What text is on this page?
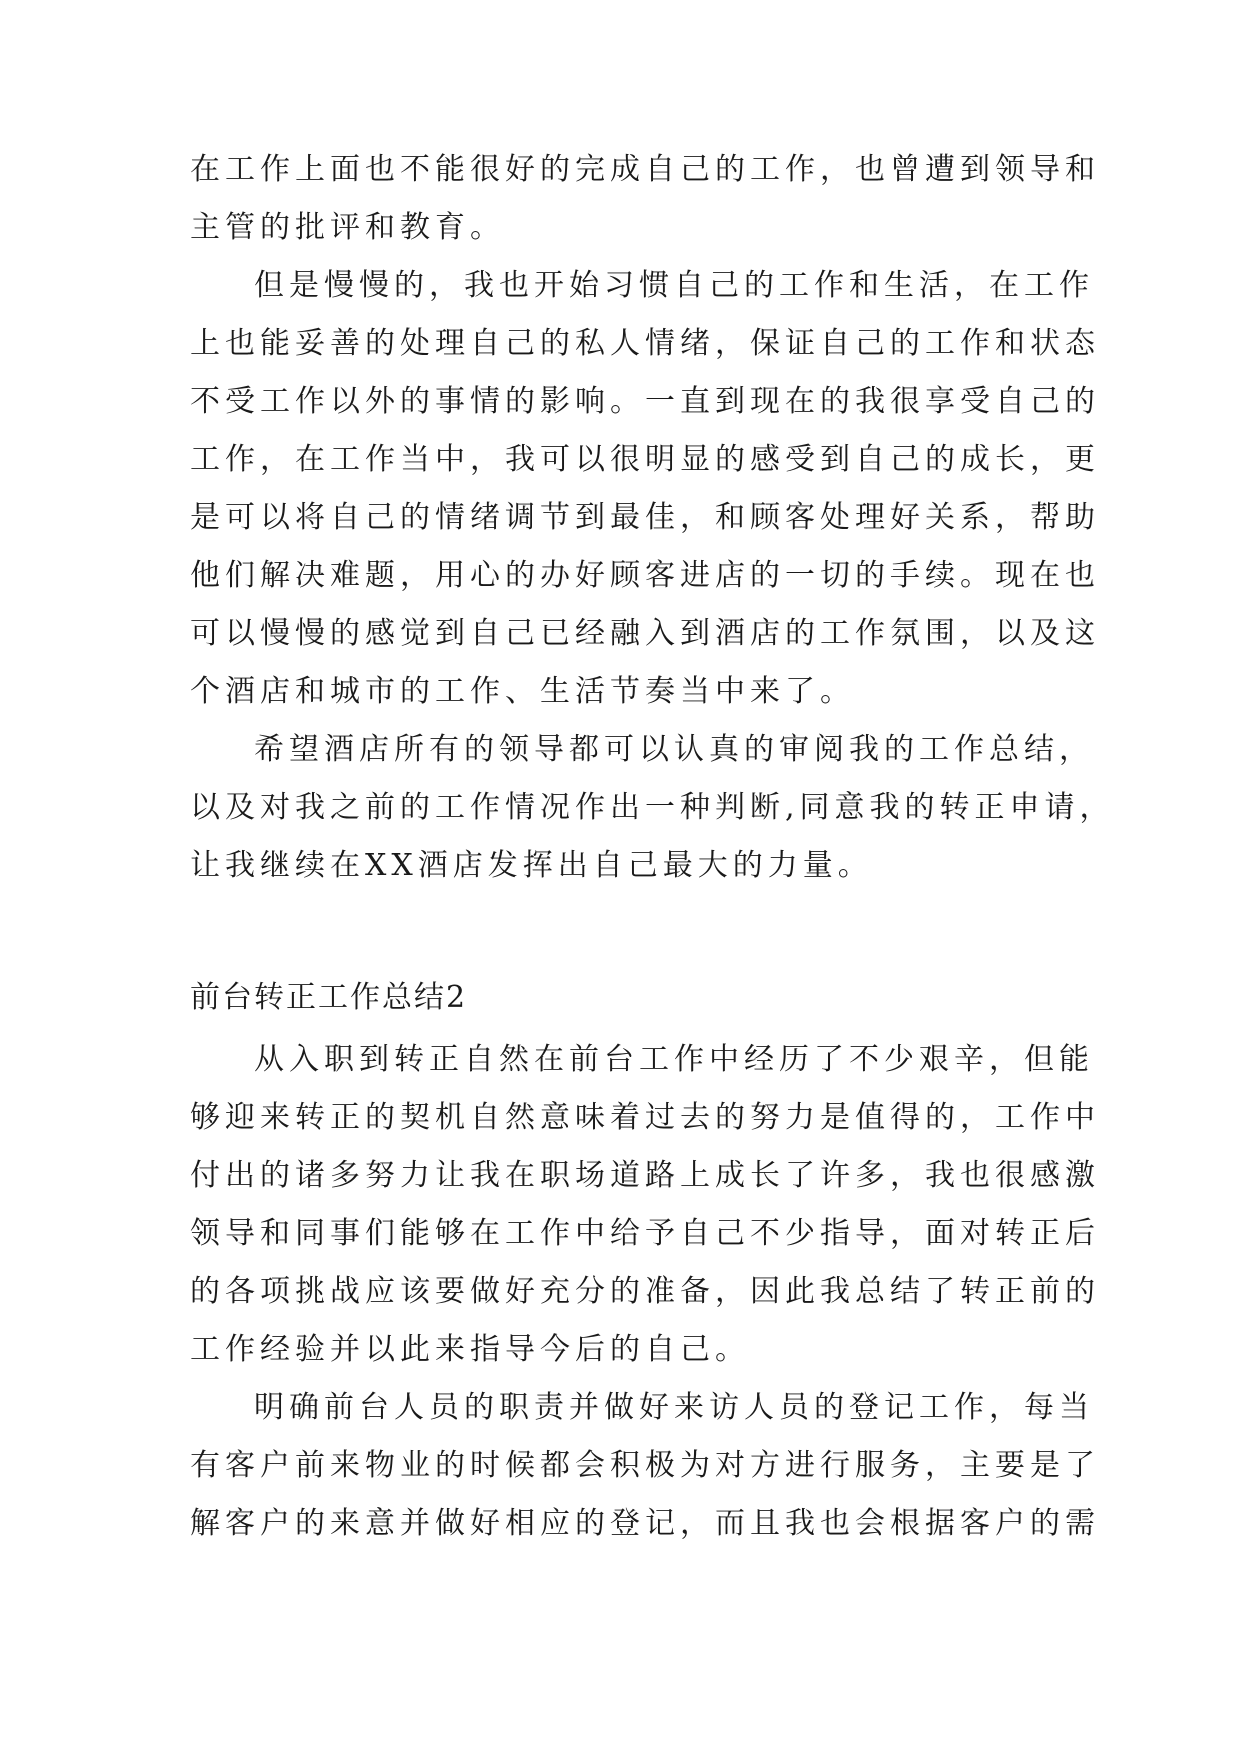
在工作上面也不能很好的完成自己的工作，也曾遭到领导和
主管的批评和教育。
但是慢慢的，我也开始习惯自己的工作和生活，在工作
上也能妥善的处理自己的私人情绪，保证自己的工作和状态
不受工作以外的事情的影响。一直到现在的我很享受自己的
工作，在工作当中，我可以很明显的感受到自己的成长，更
是可以将自己的情绪调节到最佳，和顾客处理好关系，帮助
他们解决难题，用心的办好顾客进店的一切的手续。现在也
可以慢慢的感觉到自己已经融入到酒店的工作氛围，以及这
个酒店和城市的工作、生活节奏当中来了。
希望酒店所有的领导都可以认真的审阅我的工作总结，
以及对我之前的工作情况作出一种判断,同意我的转正申请，
让我继续在XX酒店发挥出自己最大的力量。
前台转正工作总结2
从入职到转正自然在前台工作中经历了不少艰辛，但能
够迎来转正的契机自然意味着过去的努力是值得的，工作中
付出的诸多努力让我在职场道路上成长了许多，我也很感激
领导和同事们能够在工作中给予自己不少指导，面对转正后
的各项挑战应该要做好充分的准备，因此我总结了转正前的
工作经验并以此来指导今后的自己。
明确前台人员的职责并做好来访人员的登记工作，每当
有客户前来物业的时候都会积极为对方进行服务，主要是了
解客户的来意并做好相应的登记，而且我也会根据客户的需
